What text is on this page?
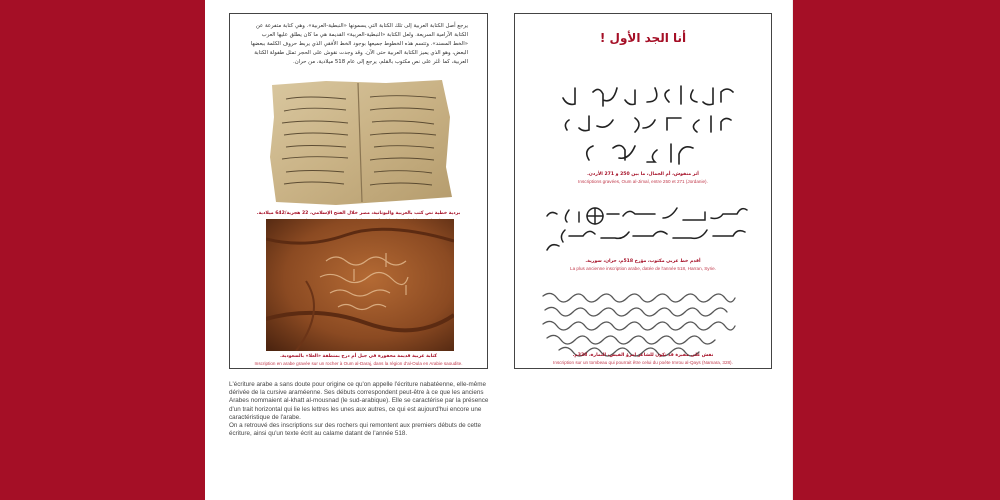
يرجع أصل الكتابة العربية إلى تلك الكتابة التي يسمونها «النبطية-العربية». وهي كتابة متفرعة عن الكتابة الآرامية السريعة. ولعل الكتابة «النبطية-العربية» القديمة هي ما كان يطلق عليها العرب «الخط المسند». وتتسم هذه الخطوط جميعها بوجود الخط الأفقي الذي يربط حروف الكلمة ببعضها البعض، وهو الذي يميز الكتابة العربية حتى الآن. وقد وجدت نقوش على الحجر تمثل طفولة الكتابة العربية، كما عُثر على نص مكتوب بالقلم، يرجع إلى عام 518 ميلادية، من حران.
بردية خطية نص كتب بالعربية واليونانية، مصر خلال الفتح الإسلامي، 22 هجرية/642 ميلادية.
كتابة عربية قديمة محفورة في جبل أم درج بمنطقة «العلا» بالسعودية.
Inscription en arabe gravée sur un rocher à Oum al-Daraj, dans la région d'al-Oula en Arabie saoudite.
أنا الجد الأول !
أثر منقوش، أم الجمال، ما بين 250 و 271 الأردن.
Inscriptions gravées, Oum al-Jimal, entre 250 et 271 (Jordanie).
أقدم خط عربي مكتوب، مؤرخ 518م، حران، سورية.
La plus ancienne inscription arabe, datée de l'année 518, Harran, Syrie.
نقش على مقبرة قد تكون للشاعر امرؤ القيس، النمارة، 328م.
Inscription sur un tombeau qui pourrait être celui du poète Imrou al-Qays (Namara, 328).
L'écriture arabe a sans doute pour origine ce qu'on appelle l'écriture nabatéenne, elle-même dérivée de la cursive araméenne. Ses débuts correspondent peut-être à ce que les anciens Arabes nommaient al-khatt al-mousnad (le sud-arabique). Elle se caractérise par la présence d'un trait horizontal qui lie les lettres les unes aux autres, ce qui est aujourd'hui encore une caractéristique de l'arabe.
On a retrouvé des inscriptions sur des rochers qui remontent aux premiers débuts de cette écriture, ainsi qu'un texte écrit au calame datant de l'année 518.
